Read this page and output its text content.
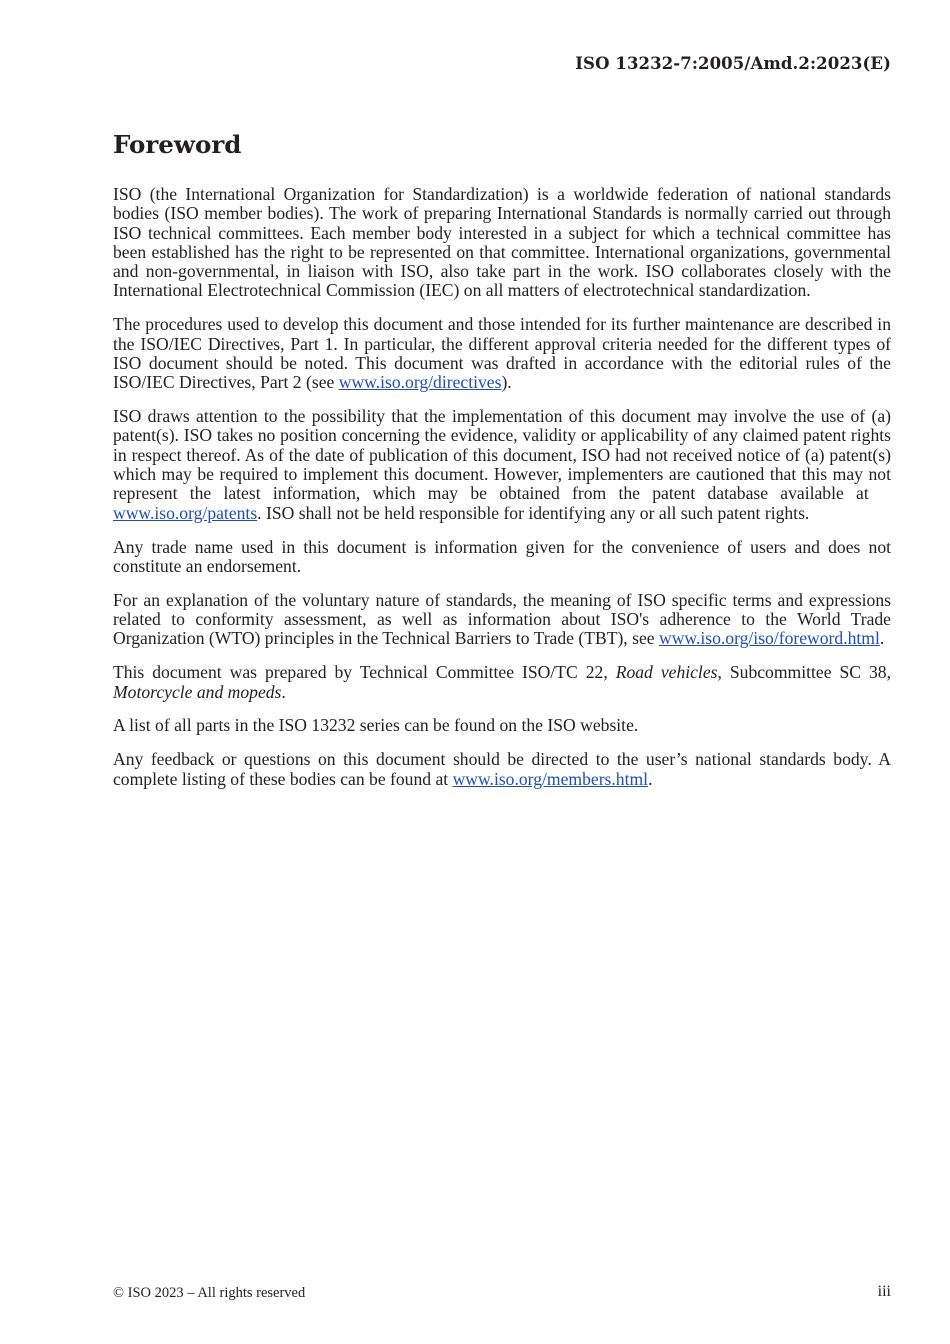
ISO 13232-7:2005/Amd.2:2023(E)
Foreword

ISO (the International Organization for Standardization) is a worldwide federation of national standards bodies (ISO member bodies). The work of preparing International Standards is normally carried out through ISO technical committees. Each member body interested in a subject for which a technical committee has been established has the right to be represented on that committee. International organizations, governmental and non-governmental, in liaison with ISO, also take part in the work. ISO collaborates closely with the International Electrotechnical Commission (IEC) on all matters of electrotechnical standardization.

The procedures used to develop this document and those intended for its further maintenance are described in the ISO/IEC Directives, Part 1. In particular, the different approval criteria needed for the different types of ISO document should be noted. This document was drafted in accordance with the editorial rules of the ISO/IEC Directives, Part 2 (see www.iso.org/directives).

ISO draws attention to the possibility that the implementation of this document may involve the use of (a) patent(s). ISO takes no position concerning the evidence, validity or applicability of any claimed patent rights in respect thereof. As of the date of publication of this document, ISO had not received notice of (a) patent(s) which may be required to implement this document. However, implementers are cautioned that this may not represent the latest information, which may be obtained from the patent database available at www.iso.org/patents. ISO shall not be held responsible for identifying any or all such patent rights.

Any trade name used in this document is information given for the convenience of users and does not constitute an endorsement.

For an explanation of the voluntary nature of standards, the meaning of ISO specific terms and expressions related to conformity assessment, as well as information about ISO's adherence to the World Trade Organization (WTO) principles in the Technical Barriers to Trade (TBT), see www.iso.org/iso/foreword.html.

This document was prepared by Technical Committee ISO/TC 22, Road vehicles, Subcommittee SC 38, Motorcycle and mopeds.

A list of all parts in the ISO 13232 series can be found on the ISO website.

Any feedback or questions on this document should be directed to the user’s national standards body. A complete listing of these bodies can be found at www.iso.org/members.html.

© ISO 2023 – All rights reserved	iii
